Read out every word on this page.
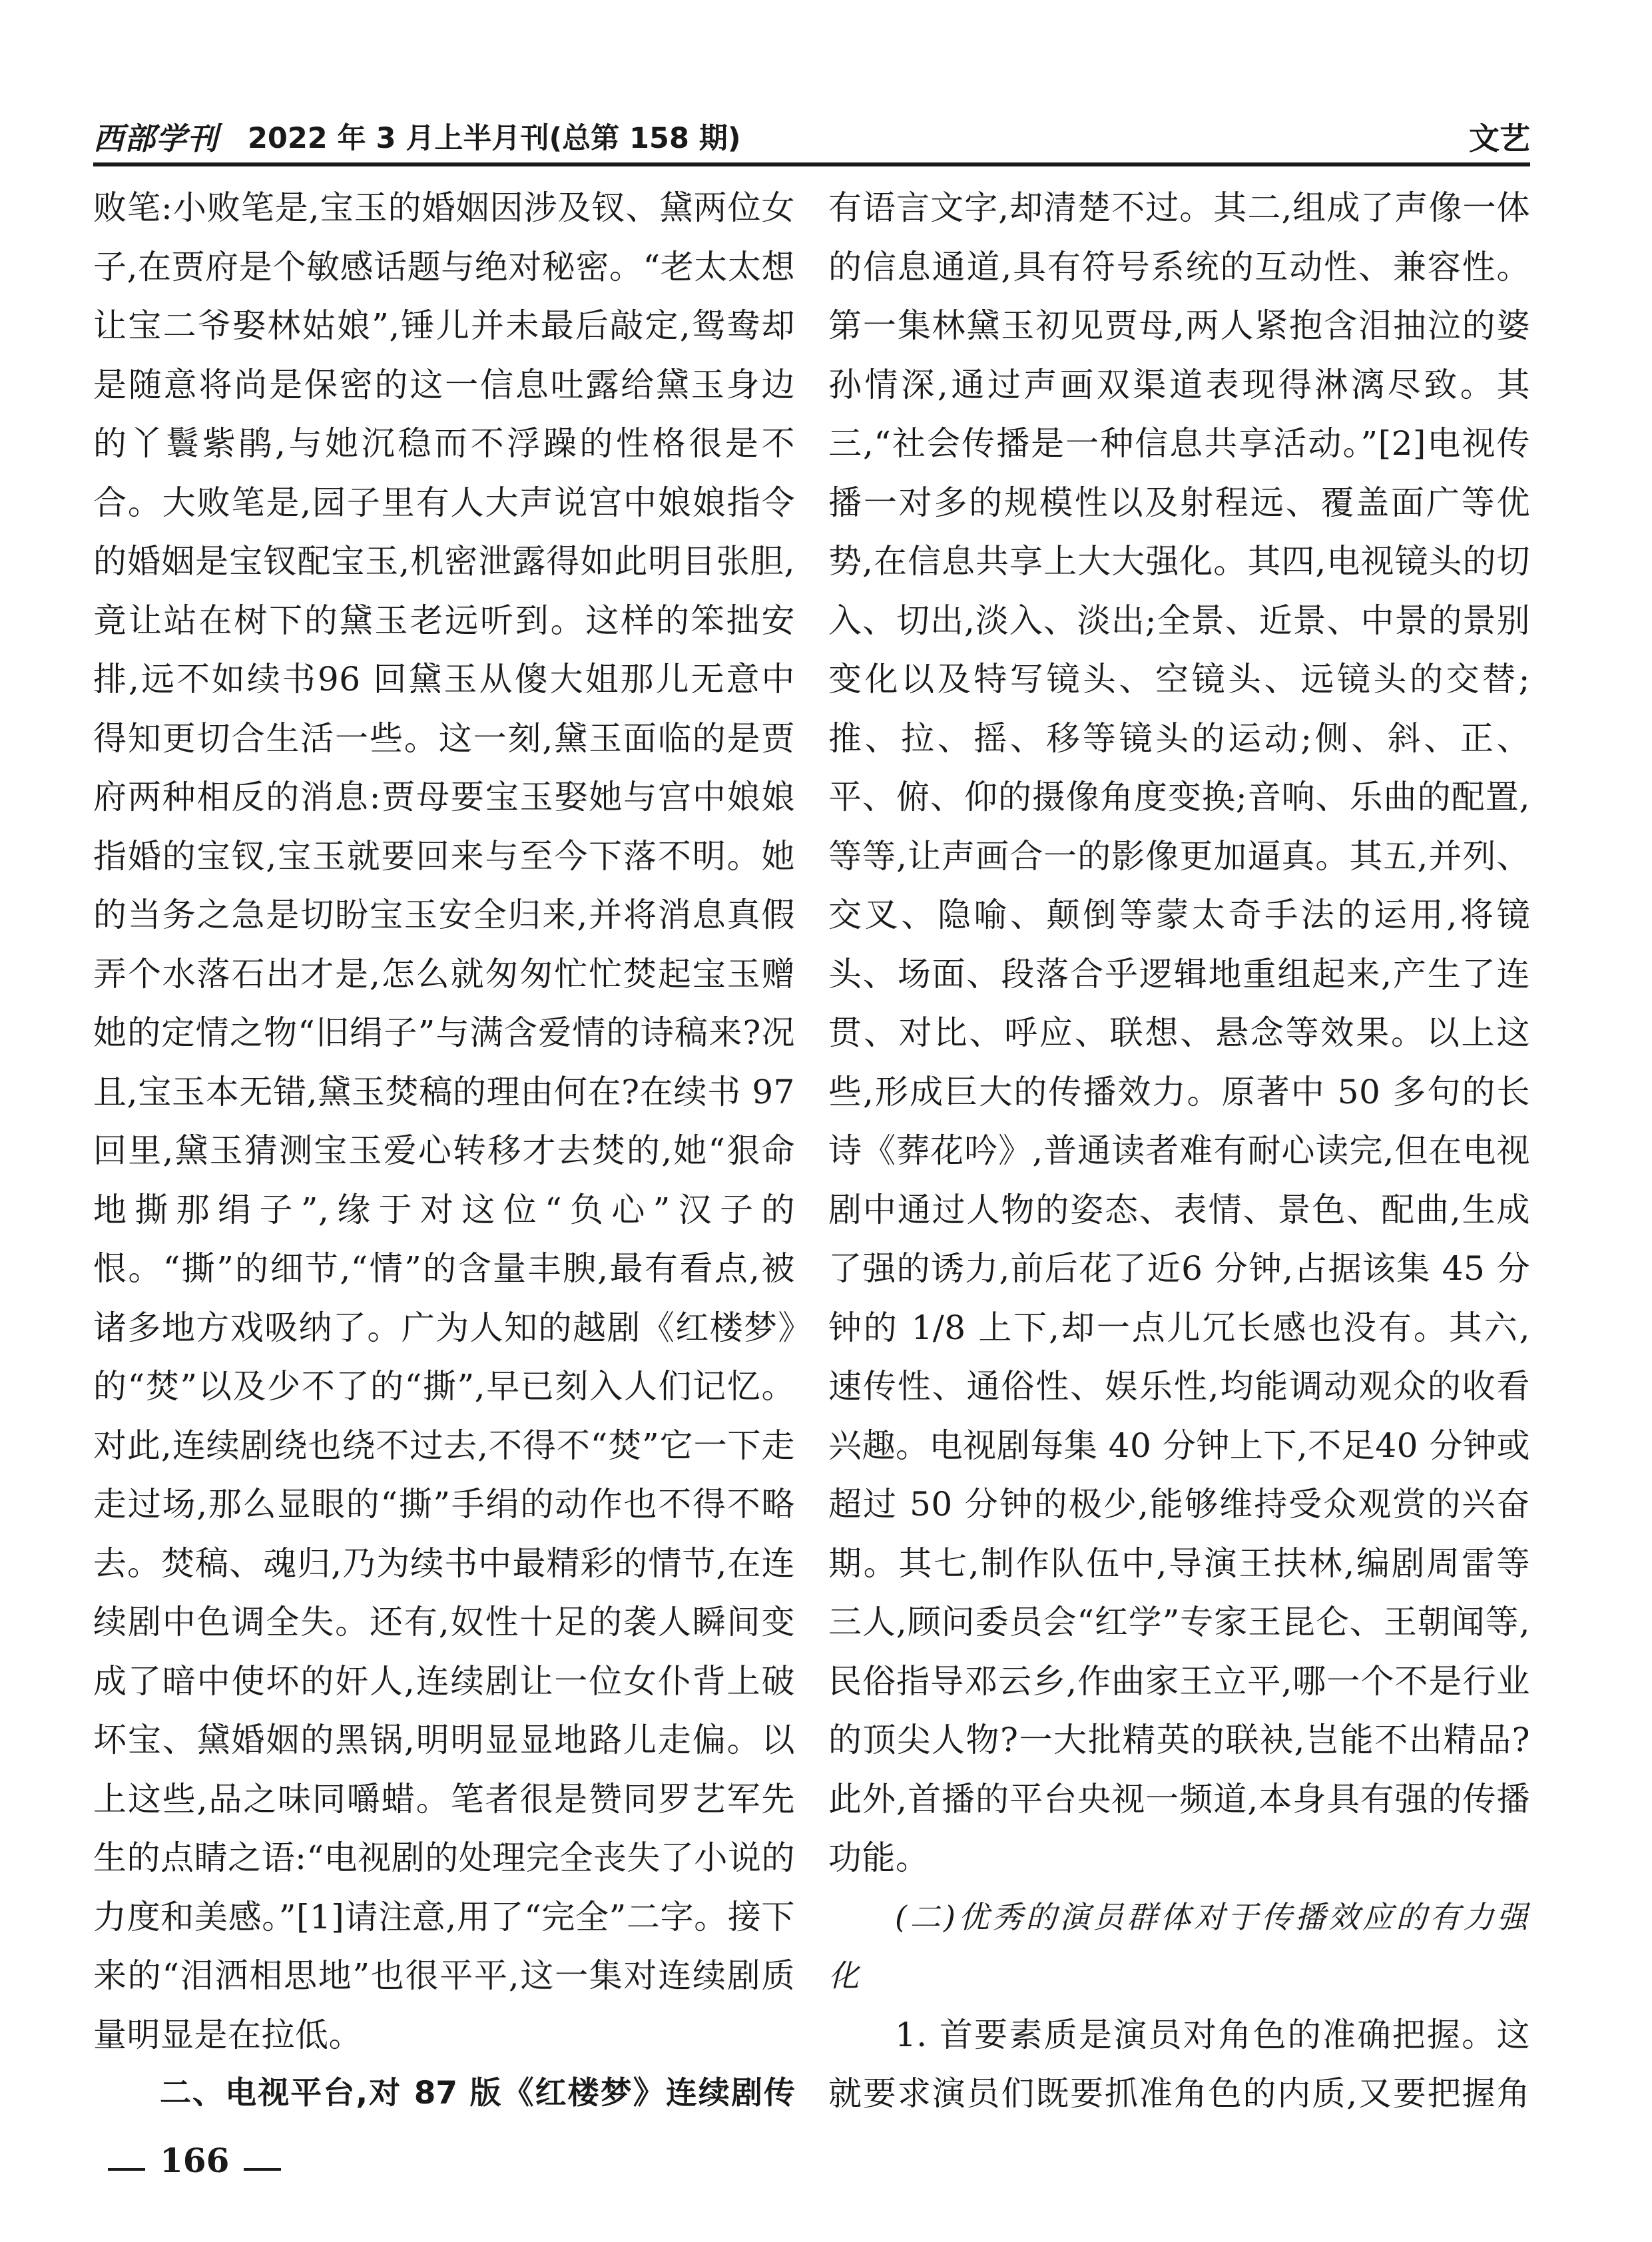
西部学刊 2022 年 3 月上半月刊(总第 158 期)	文艺

败笔:小败笔是,宝玉的婚姻因涉及钗、黛两位女子,在贾府是个敏感话题与绝对秘密。“老太太想让宝二爷娶林姑娘”,锤儿并未最后敲定,鸳鸯却是随意将尚是保密的这一信息吐露给黛玉身边的丫鬟紫鹃,与她沉稳而不浮躁的性格很是不合。大败笔是,园子里有人大声说宫中娘娘指令的婚姻是宝钗配宝玉,机密泄露得如此明目张胆,竟让站在树下的黛玉老远听到。这样的笨拙安排,远不如续书96 回黛玉从傻大姐那儿无意中得知更切合生活一些。这一刻,黛玉面临的是贾府两种相反的消息:贾母要宝玉娶她与宫中娘娘指婚的宝钗,宝玉就要回来与至今下落不明。她的当务之急是切盼宝玉安全归来,并将消息真假弄个水落石出才是,怎么就匆匆忙忙焚起宝玉赠她的定情之物“旧绢子”与满含爱情的诗稿来?况且,宝玉本无错,黛玉焚稿的理由何在?在续书 97 回里,黛玉猜测宝玉爱心转移才去焚的,她“狠命地撕那绢子”,缘于对这位“负心”汉子的恨。“撕”的细节,“情”的含量丰腴,最有看点,被诸多地方戏吸纳了。广为人知的越剧《红楼梦》的“焚”以及少不了的“撕”,早已刻入人们记忆。对此,连续剧绕也绕不过去,不得不“焚”它一下走走过场,那么显眼的“撕”手绢的动作也不得不略去。焚稿、魂归,乃为续书中最精彩的情节,在连续剧中色调全失。还有,奴性十足的袭人瞬间变成了暗中使坏的奸人,连续剧让一位女仆背上破坏宝、黛婚姻的黑锅,明明显显地路儿走偏。以上这些,品之味同嚼蜡。笔者很是赞同罗艺军先生的点睛之语:“电视剧的处理完全丧失了小说的力度和美感。”[1]请注意,用了“完全”二字。接下来的“泪洒相思地”也很平平,这一集对连续剧质量明显是在拉低。

二、电视平台,对 87 版《红楼梦》连续剧传

有语言文字,却清楚不过。其二,组成了声像一体的信息通道,具有符号系统的互动性、兼容性。第一集林黛玉初见贾母,两人紧抱含泪抽泣的婆孙情深,通过声画双渠道表现得淋漓尽致。其三,“社会传播是一种信息共享活动。”[2]电视传播一对多的规模性以及射程远、覆盖面广等优势,在信息共享上大大强化。其四,电视镜头的切入、切出,淡入、淡出;全景、近景、中景的景别变化以及特写镜头、空镜头、远镜头的交替;推、拉、摇、移等镜头的运动;侧、斜、正、平、俯、仰的摄像角度变换;音响、乐曲的配置,等等,让声画合一的影像更加逼真。其五,并列、交叉、隐喻、颠倒等蒙太奇手法的运用,将镜头、场面、段落合乎逻辑地重组起来,产生了连贯、对比、呼应、联想、悬念等效果。以上这些,形成巨大的传播效力。原著中 50 多句的长诗《葬花吟》,普通读者难有耐心读完,但在电视剧中通过人物的姿态、表情、景色、配曲,生成了强的诱力,前后花了近6 分钟,占据该集 45 分钟的 1/8 上下,却一点儿冗长感也没有。其六,速传性、通俗性、娱乐性,均能调动观众的收看兴趣。电视剧每集 40 分钟上下,不足40 分钟或超过 50 分钟的极少,能够维持受众观赏的兴奋期。其七,制作队伍中,导演王扶林,编剧周雷等三人,顾问委员会“红学”专家王昆仑、王朝闻等,民俗指导邓云乡,作曲家王立平,哪一个不是行业的顶尖人物?一大批精英的联袂,岂能不出精品?此外,首播的平台央视一频道,本身具有强的传播功能。

(二)优秀的演员群体对于传播效应的有力强化

1. 首要素质是演员对角色的准确把握。这就要求演员们既要抓准角色的内质,又要把握角

166
